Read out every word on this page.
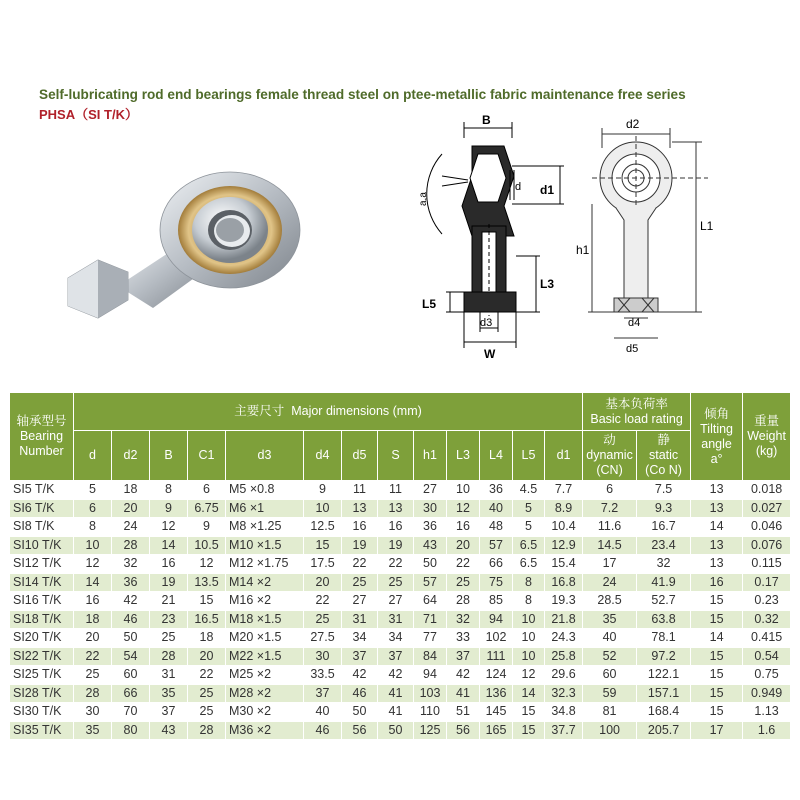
Self-lubricating rod end bearings female thread steel on ptee-metallic fabric maintenance free series
PHSA（SI T/K）	B
d d1
a,a
L3
L5
d3
W
d2
L1
h1
d4
d5
轴承型号
Bearing Number	主要尺寸 Major dimensions (mm)													基本负荷率
Basic load rating		倾角
Tilting
angle
a°	重量
Weight
(kg)

	d	d2	B	C1	d3	d4	d5	S	h1	L3	L4	L5	d1	动
dynamic
(CN)	静
static
(Co N)		

SI5 T/K	5	18	8	6	M5 ×0.8	9	11	11	27	10	36	4.5	7.7	6	7.5	13	0.018
SI6 T/K	6	20	9	6.75	M6 ×1	10	13	13	30	12	40	5	8.9	7.2	9.3	13	0.027
SI8 T/K	8	24	12	9	M8 ×1.25	12.5	16	16	36	16	48	5	10.4	11.6	16.7	14	0.046
SI10 T/K	10	28	14	10.5	M10 ×1.5	15	19	19	43	20	57	6.5	12.9	14.5	23.4	13	0.076
SI12 T/K	12	32	16	12	M12 ×1.75	17.5	22	22	50	22	66	6.5	15.4	17	32	13	0.115
SI14 T/K	14	36	19	13.5	M14 ×2	20	25	25	57	25	75	8	16.8	24	41.9	16	0.17
SI16 T/K	16	42	21	15	M16 ×2	22	27	27	64	28	85	8	19.3	28.5	52.7	15	0.23
SI18 T/K	18	46	23	16.5	M18 ×1.5	25	31	31	71	32	94	10	21.8	35	63.8	15	0.32
SI20 T/K	20	50	25	18	M20 ×1.5	27.5	34	34	77	33	102	10	24.3	40	78.1	14	0.415
SI22 T/K	22	54	28	20	M22 ×1.5	30	37	37	84	37	111	10	25.8	52	97.2	15	0.54
SI25 T/K	25	60	31	22	M25 ×2	33.5	42	42	94	42	124	12	29.6	60	122.1	15	0.75
SI28 T/K	28	66	35	25	M28 ×2	37	46	41	103	41	136	14	32.3	59	157.1	15	0.949
SI30 T/K	30	70	37	25	M30 ×2	40	50	41	110	51	145	15	34.8	81	168.4	15	1.13
SI35 T/K	35	80	43	28	M36 ×2	46	56	50	125	56	165	15	37.7	100	205.7	17	1.6
